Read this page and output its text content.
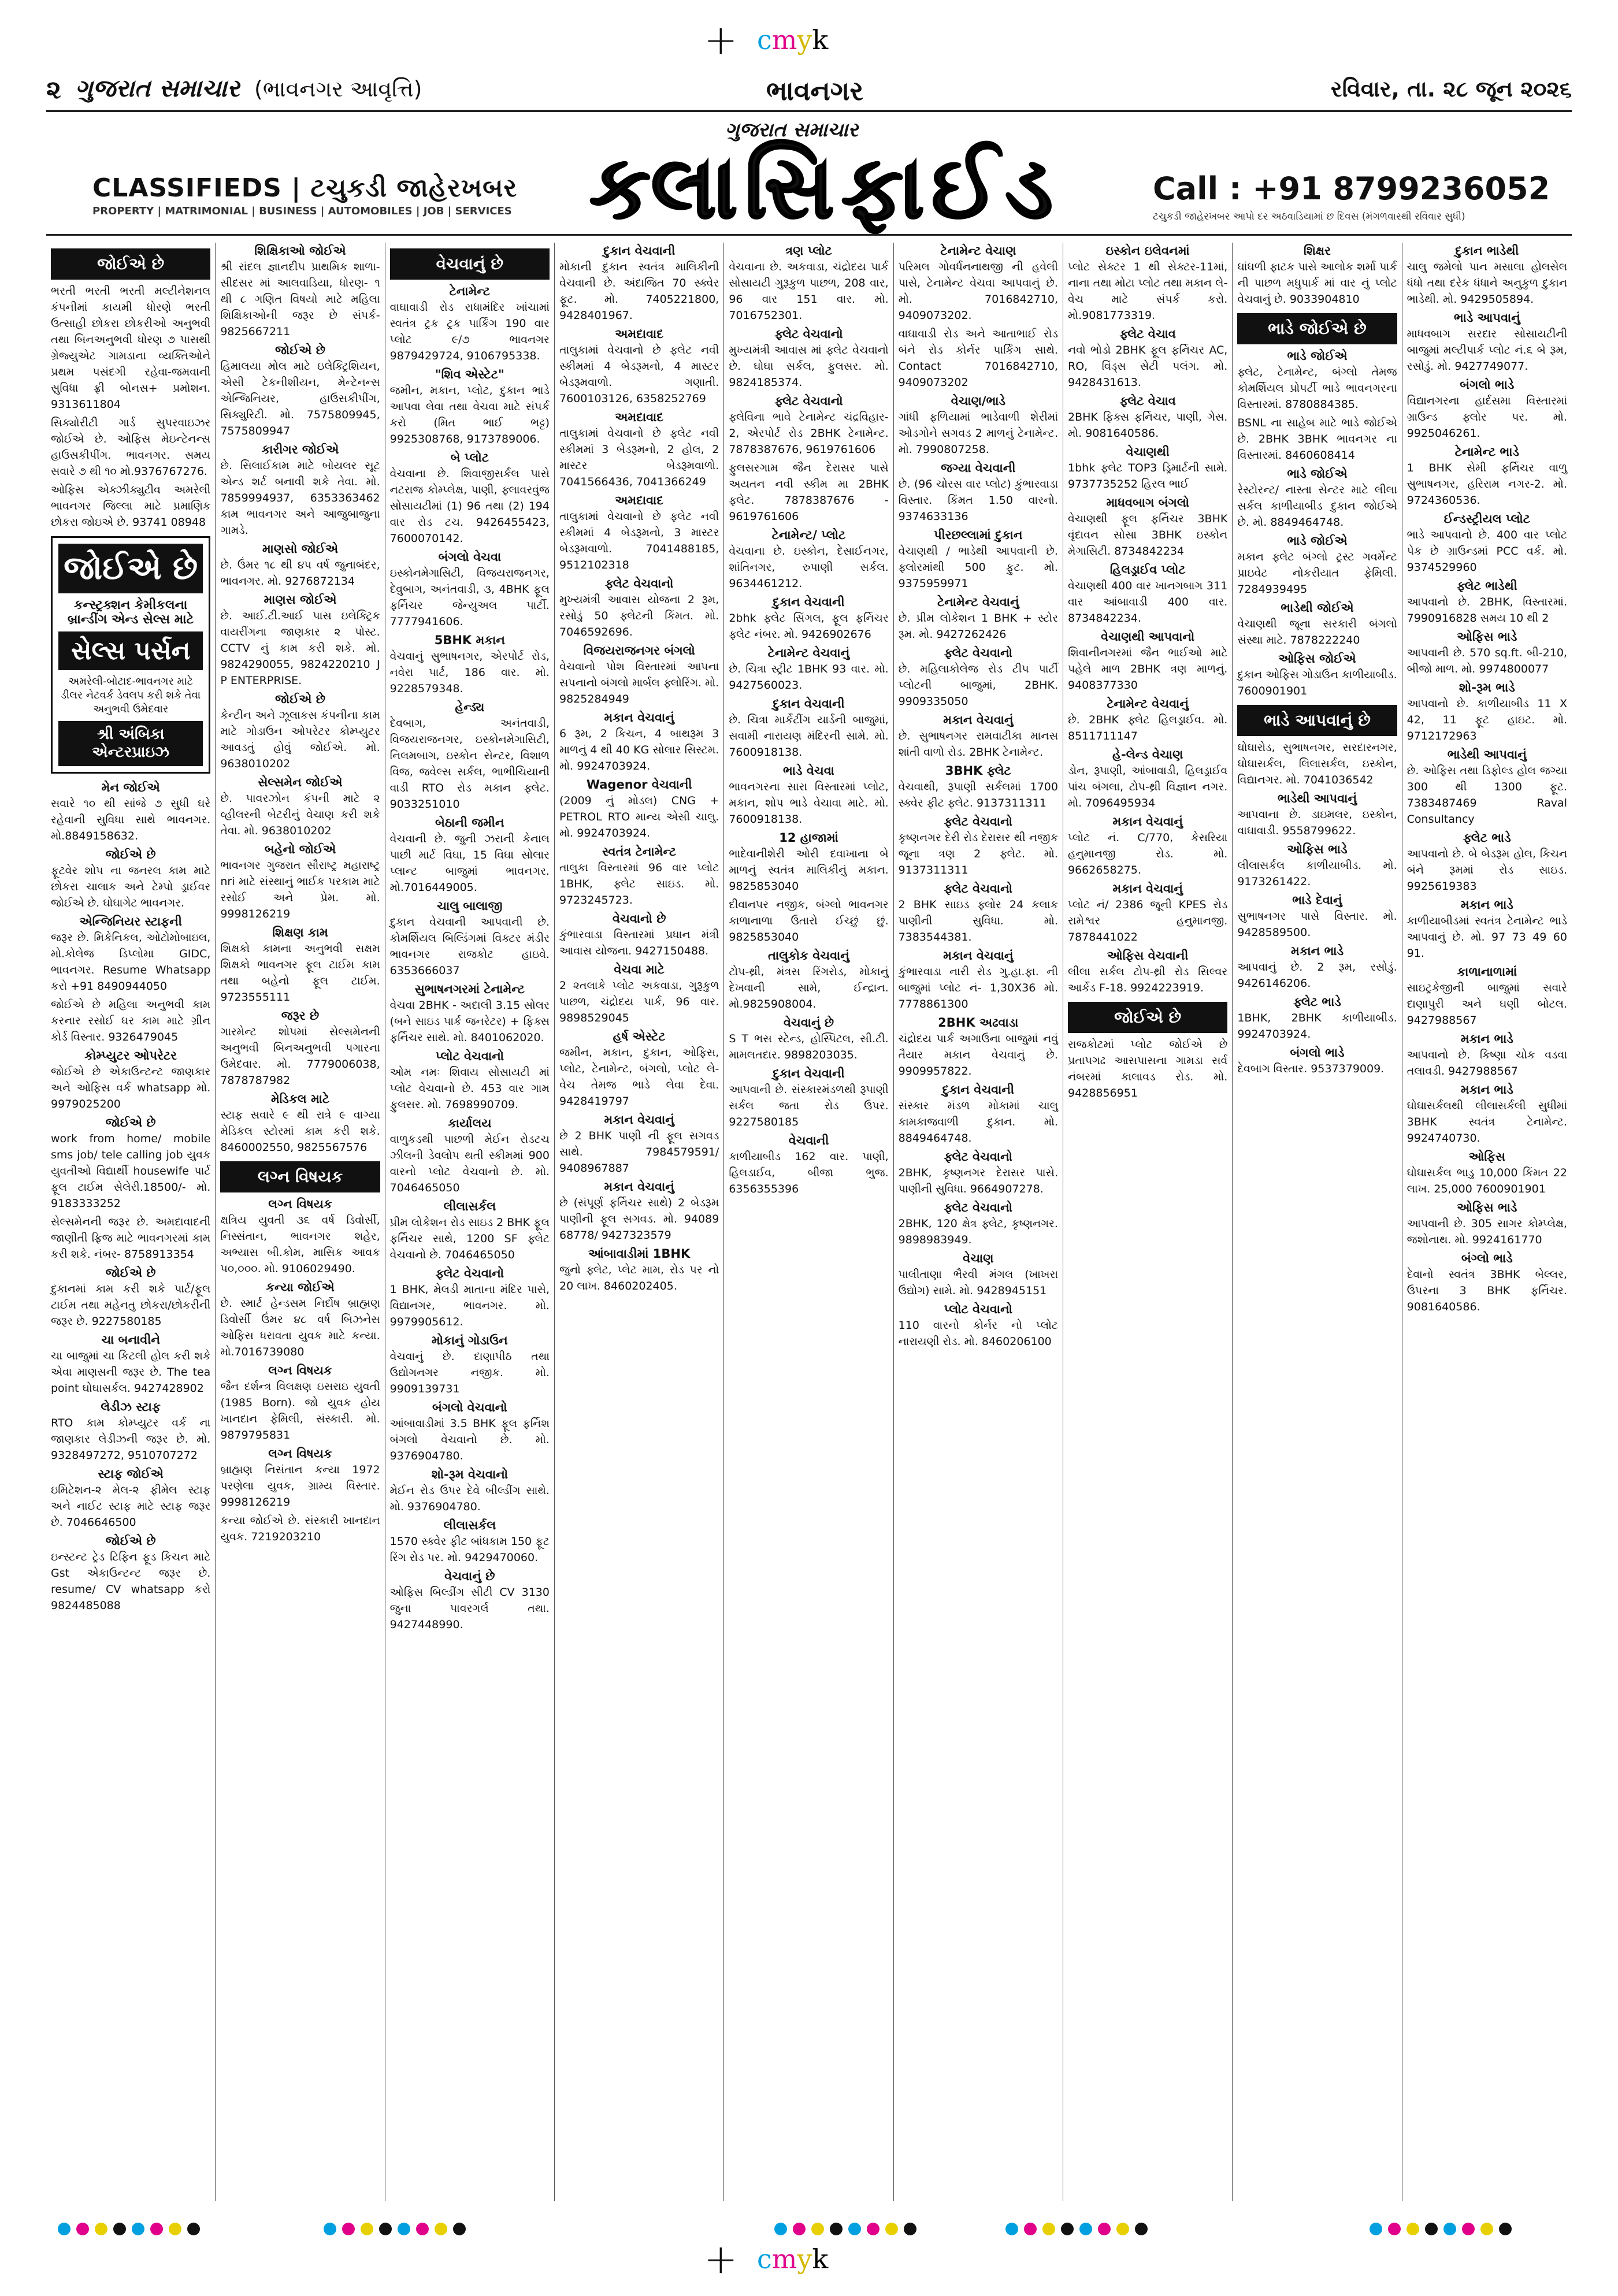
+ cmyk
૨ ગુજરાત સમાચાર (ભાવનગર આવૃત્તિ)	ભાવનગર	રવિવાર, તા. ૨૮ જૂન ૨૦૨૬
CLASSIFIEDS | ટચુકડી જાહેરખબર
PROPERTY | MATRIMONIAL | BUSINESS | AUTOMOBILES | JOB | SERVICES
ગુજરાત સમાચાર
ક્લાસિફાઈડ	Call : +91 8799236052
ટચુકડી જાહેરખબર આપો દર અઠવાડિયામાં છ દિવસ (મંગળવારથી રવિવાર સુધી)
જોઈએ છે
ભરતી ભરતી ભરતી મલ્ટીનેશનલ કંપનીમાં કાયમી ધોરણે ભરતી ઉત્સાહી છોકરા છોકરીઓ અનુભવી તથા બિનઅનુભવી ધોરણ ૭ પાસથી ગ્રેજ્યુએટ ગામડાના વ્યક્તિઓને પ્રથમ પસંદગી રહેવા-જમવાની સુવિધા ફ્રી બોનસ+ પ્રમોશન. 9313611804
સિક્યોરીટી ગાર્ડ સુપરવાઇઝર જોઈએ છે. ઓફિસ મેઇન્ટેનન્સ હાઉસકીપીંગ. ભાવનગર. સમય સવારે ૭ થી ૧૦ મો.9376767276.
ઓફિસ એક્ઝીક્યુટીવ અમરેલી ભાવનગર જિલ્લા માટે પ્રમાણિક છોકરા જોઇએ છે. 93741 08948
જોઈએ છે
કન્સ્ટ્રક્શન કેમીકલના બ્રાન્ડીંગ એન્ડ સેલ્સ માટે
સેલ્સ પર્સન
અમરેલી-બોટાદ-ભાવનગર માટે ડીલર નેટવર્ક ડેવલપ કરી શકે તેવા અનુભવી ઉમેદવાર
શ્રી અંબિકા એન્ટરપ્રાઇઝ
મેન જોઈએ
સવારે ૧૦ થી સાંજે ૭ સુધી ઘરે રહેવાની સુવિધા સાથે ભાવનગર. મો.8849158632.
જોઈએ છે
ફૂટવેર શોપ ના જનરલ કામ માટે છોકરા ચાલાક અને ટેમ્પો ડ્રાઈવર જોઈએ છે. ઘોઘાગેટ ભાવનગર.
એન્જિનિયર સ્ટાફની
જરૂર છે. મિકેનિકલ, ઓટોમોબાઇલ, મો.કોલેજ ડિપ્લોમા GIDC, ભાવનગર. Resume Whatsapp કરો +91 8490944050
જોઈએ છે મહિલા અનુભવી કામ કરનાર રસોઈ ઘર કામ માટે ગ્રીન કોર્ડ વિસ્તાર. 9326479045
કોમ્પ્યુટર ઓપરેટર
જોઈએ છે એકાઉન્ટન્ટ જાણકાર અને ઓફિસ વર્ક whatsapp મો. 9979025200
જોઈએ છે
work from home/ mobile sms job/ tele calling job યુવક યુવતીઓ વિદ્યાર્થી housewife પાર્ટ ફૂલ ટાઈમ સેલેરી.18500/- મો. 9183333252
સેલ્સમેનની જરૂર છે. અમદાવાદની જાણીતી ફ્રિજ માટે ભાવનગરમાં કામ કરી શકે. નંબર- 8758913354
જોઈએ છે
દુકાનમાં કામ કરી શકે પાર્ટ/ફૂલ ટાઈમ તથા મહેનતુ છોકરા/છોકરીની જરૂર છે. 9227580185
ચા બનાવીને
ચા બાજુમાં ચા કિટલી હોલ કરી શકે એવા માણસની જરૂર છે. The tea point ઘોઘાસર્કલ. 9427428902
લેડીઝ સ્ટાફ
RTO કામ કોમ્પ્યુટર વર્ક ના જાણકાર લેડીઝની જરૂર છે. મો. 9328497272, 9510707272
સ્ટાફ જોઈએ
ઇમિટેશન-૨ મેલ-૨ ફીમેલ સ્ટાફ અને નાઈટ સ્ટાફ માટે સ્ટાફ જરૂર છે. 7046646500
જોઈએ છે
ઇન્સ્ટન્ટ ટ્રેડ ટિફિન ફૂડ કિચન માટે Gst એકાઉન્ટન્ટ જરૂર છે. resume/ CV whatsapp કરો 9824485088
શિક્ષિકાઓ જોઈએ
શ્રી રાંદલ જ્ઞાનદીપ પ્રાથમિક શાળા- સીદસર માં આલવાડિયા, ધોરણ- ૧ થી ૮ ગણિત વિષયો માટે મહિલા શિક્ષિકાઓની જરૂર છે સંપર્ક- 9825667211
જોઈએ છે
હિમાલયા મોલ માટે ઇલેક્ટ્રિશિયન, એસી ટેકનીશીયન, મેન્ટેનન્સ એન્જિનિયર, હાઉસકીપીંગ, સિક્યુરિટી. મો. 7575809945, 7575809947
કારીગર જોઈએ
છે. સિલાઈકામ માટે બોયલર સૂટ એન્ડ શર્ટ બનાવી શકે તેવા. મો. 7859994937, 6353363462 કામ ભાવનગર અને આજુબાજુના ગામડે.
માણસો જોઈએ
છે. ઉંમર ૧૮ થી ૪૫ વર્ષ જુનાબંદર, ભાવનગર. મો. 9276872134
માણસ જોઈએ
છે. આઈ.ટી.આઈ પાસ ઇલેક્ટ્રિક વાયરીંગના જાણકાર ૨ પોસ્ટ. CCTV નું કામ કરી શકે. મો. 9824290055, 9824220210 J P ENTERPRISE.
જોઈએ છે
કેન્ટીન અને ઝૂલાકસ કંપનીના કામ માટે ગોડાઉન ઓપરેટર કોમ્પ્યુટર આવડતું હોવું જોઈએ. મો. 9638010202
સેલ્સમેન જોઈએ
છે. પાવરઝોન કંપની માટે ૨ વ્હીલરની બેટરીનું વેચાણ કરી શકે તેવા. મો. 9638010202
બહેનો જોઈએ
ભાવનગર ગુજરાત સૌરાષ્ટ્ર મહારાષ્ટ્ર nri માટે સંસ્થાનું ભાઈક પરકામ માટે રસોઈ અને પ્રેમ. મો. 9998126219
શિક્ષણ કામ
શિક્ષકો કામના અનુભવી સક્ષમ શિક્ષકો ભાવનગર ફૂલ ટાઈમ કામ તથા બહેનો ફૂલ ટાઈમ. 9723555111
જરૂર છે
ગારમેન્ટ શોપમાં સેલ્સમેનની અનુભવી બિનઅનુભવી પગારના ઉમેદવાર. મો. 7779006038, 7878787982
મેડિકલ માટે
સ્ટાફ સવારે ૯ થી રાત્રે ૯ વાગ્યા મેડિકલ સ્ટોરમાં કામ કરી શકે. 8460002550, 9825567576
લગ્ન વિષયક
લગ્ન વિષયક
ક્ષત્રિય યુવતી ૩૬ વર્ષ ડિવોર્સી, નિસ્સંતાન, ભાવનગર શહેર, અભ્યાસ બી.કોમ, માસિક આવક ૫૦,૦૦૦. મો. 9106029490.
કન્યા જોઈએ
છે. સ્માર્ટ હેન્ડસમ નિર્દોષ બ્રાહ્મણ ડિવોર્સી ઉંમર ૪૮ વર્ષ બિઝનેસ ઓફિસ ધરાવતા યુવક માટે કન્યા. મો.7016739080
લગ્ન વિષયક
જૈન દર્શન્ત્ર વિલક્ષણ ઇસરાઇ યુવતી (1985 Born). જો યુવક હોય ખાનદાન ફેમિલી, સંસ્કારી. મો. 9879795831
લગ્ન વિષયક
બ્રાહ્મણ નિસંતાન કન્યા 1972 પરણેલા યુવક, ગ્રામ્ય વિસ્તાર. 9998126219
કન્યા જોઈએ છે. સંસ્કારી ખાનદાન યુવક. 7219203210
વેચવાનું છે
ટેનામેન્ટ
વાઘાવાડી રોડ રાધામંદિર ખાંચામાં સ્વતંત્ર ટ્રક ટ્રક પાર્કિંગ 190 વાર પ્લોટ ૯/૭ ભાવનગર 9879429724, 9106795338.
"શિવ એસ્ટેટ"
જમીન, મકાન, પ્લોટ, દુકાન ભાડે આપવા લેવા તથા વેચવા માટે સંપર્ક કરો (મિત ભાઈ ભટ્ટ) 9925308768, 9173789006.
બે પ્લોટ
વેચવાના છે. શિવાજીસર્કલ પાસે નટરાજ કોમ્પ્લેક્ષ, પાણી, ફ્લાવરવુંજ સોસાયટીમાં (1) 96 તથા (2) 194 વાર રોડ ટચ. 9426455423, 7600070142.
બંગલો વેચવા
ઇસ્કોનમેગાસિટી, વિજયરાજનગર, દેવુબાગ, અનંતવાડી, ૩, 4BHK ફૂલ ફર્નિચર જેન્યુઅલ પાર્ટી. 7777941606.
5BHK મકાન
વેચવાનું સુભાષનગર, એરપોર્ટ રોડ, નવેરા પાર્ટ, 186 વાર. મો. 9228579348.
હેન્ડ્ય
દેવબાગ, અનંતવાડી, વિજયરાજનગર, ઇસ્કોનમેગાસિટી, નિલમબાગ, ઇસ્કોન સેન્ટર, વિશાળ વિજ, જવેલ્સ સર્કલ, ભાભીચિયાની વાડી RTO રોડ મકાન ફ્લેટ. 9033251010
બેઠાની જમીન
વેચવાની છે. જુની ઝરાની કેનાલ પાછી માર્ટ વિઘા, 15 વિઘા સોલાર પ્લાન્ટ બાજુમાં ભાવનગર. મો.7016449005.
ચાલુ બાલાજી
દુકાન વેચવાની આપવાની છે. કોમર્શિયલ બિલ્ડિંગમાં વિક્ટર મંડીર ભાવનગર રાજકોટ હાઇવે. 6353666037
સુભાષનગરમાં ટેનામેન્ટ
વેચવા 2BHK - અદાલી 3.15 સોલર (બને સાઇડ પાર્ક જનરેટર) + ફિક્સ ફર્નિચર સાથે. મો. 8401062020.
પ્લોટ વેચવાનો
ઓમ નમઃ શિવાય સોસાયટી માં પ્લોટ વેચવાનો છે. 453 વાર ગામ ફુલસર. મો. 7698990709.
કાર્યાલય
વાળુકડથી પાછળી મેઈન રોડટચ ઝીલની ડેવલોપ થતી સ્કીમમાં 900 વારનો પ્લોટ વેચવાનો છે. મો. 7046465050
લીલાસર્કલ
પ્રીમ લોકેશન રોડ સાઇડ 2 BHK ફૂલ ફર્નિચર સાથે, 1200 SF ફ્લેટ વેચવાનો છે. 7046465050
ફ્લેટ વેચવાનો
1 BHK, મેલડી માતાના મંદિર પાસે, વિદ્યાનગર, ભાવનગર. મો. 9979905612.
મોકાનું ગોડાઉન
વેચવાનું છે. દાણાપીઠ તથા ઉદ્યોગનગર નજીક. મો. 9909139731
બંગલો વેચવાનો
આંબાવાડીમાં 3.5 BHK ફૂલ ફર્નિશ બંગલો વેચવાનો છે. મો. 9376904780.
શો-રૂમ વેચવાનો
મેઈન રોડ ઉપર દેવે બીલ્ડીંગ સાથે. મો. 9376904780.
લીલાસર્કલ
1570 સ્ક્વેર ફીટ બાંધકામ 150 ફૂટ રિંગ રોડ પર. મો. 9429470060.
વેચવાનું છે
ઓફિસ બિલ્ડીંગ સીટી CV 3130 જુના પાવરગર્લ તથા. 9427448990.
દુકાન વેચવાની
મોકાની દુકાન સ્વતંત્ર માલિકીની વેચવાની છે. અંદાજિત 70 સ્ક્વેર ફૂટ. મો. 7405221800, 9428401967.
અમદાવાદ
તાલુકામાં વેચવાનો છે ફ્લેટ નવી સ્કીમમાં 4 બેડરૂમનો, 4 માસ્ટર બેડરૂમવાળો. ગણાતી. 7600103126, 6358252769
અમદાવાદ
તાલુકામાં વેચવાનો છે ફ્લેટ નવી સ્કીમમાં 3 બેડરૂમનો, 2 હોલ, 2 માસ્ટર બેડરૂમવાળો. 7041566436, 7041366249
અમદાવાદ
તાલુકામાં વેચવાનો છે ફ્લેટ નવી સ્કીમમાં 4 બેડરૂમનો, 3 માસ્ટર બેડરૂમવાળો. 7041488185, 9512102318
ફ્લેટ વેચવાનો
મુખ્યમંત્રી આવાસ યોજના 2 રૂમ, રસોડું 50 ફ્લેટની કિંમત. મો. 7046592696.
વિજયરાજનગર બંગલો
વેચવાનો પોશ વિસ્તારમાં આપના સપનાનો બંગલો માર્બલ ફ્લોરિંગ. મો. 9825284949
મકાન વેચવાનું
6 રૂમ, 2 કિચન, 4 બાથરૂમ 3 માળનું 4 થી 40 KG સોલાર સિસ્ટમ. મો. 9924703924.
Wagenor વેચવાની
(2009 નું મોડલ) CNG + PETROL RTO માન્ય એસી ચાલુ. મો. 9924703924.
સ્વતંત્ર ટેનામેન્ટ
તાલુકા વિસ્તારમાં 96 વાર પ્લોટ 1BHK, ફ્લેટ સાઇડ. મો. 9723245723.
વેચવાનો છે
કુંભારવાડા વિસ્તારમાં પ્રધાન મંત્રી આવાસ યોજના. 9427150488.
વેચવા માટે
2 ૨તલાકે પ્લોટ અકવાડા, ગુરૂકુળ પાછળ, ચંદ્રોદય પાર્ક, 96 વાર. 9898529045
હર્ષ એસ્ટેટ
જમીન, મકાન, દુકાન, ઓફિસ, પ્લોટ, ટેનામેન્ટ, બંગલો, પ્લોટ લે-વેચ તેમજ ભાડે લેવા દેવા. 9428419797
મકાન વેચવાનું
છે 2 BHK પાણી ની ફૂલ સગવડ સાથે. 7984579591/ 9408967887
મકાન વેચવાનું
છે (સંપૂર્ણ ફર્નિચર સાથે) 2 બેડરૂમ પાણીની ફૂલ સગવડ. મો. 94089 68778/ 9427323579
આંબાવાડીમાં 1BHK
જુનો ફ્લેટ, પ્લેટ મામ, રોડ પર નો 20 લાખ. 8460202405.
ત્રણ પ્લોટ
વેચવાના છે. અકવાડા, ચંદ્રોદય પાર્ક સોસાયટી ગુરૂકુળ પાછળ, 208 વાર, 96 વાર 151 વાર. મો. 7016752301.
ફ્લેટ વેચવાનો
મુખ્યમંત્રી આવાસ માં ફ્લેટ વેચવાનો છે. ઘોઘા સર્કલ, ફુલસર. મો. 9824185374.
ફ્લેટ વેચવાનો
ફ્લેવિના ભાવે ટેનામેન્ટ ચંદ્રવિહાર- 2, એરપોર્ટ રોડ 2BHK ટેનામેન્ટ. 7878387676, 9619761606
ફુલસરગામ જૈન દેરાસર પાસે અયતન નવી સ્કીમ મા 2BHK ફ્લેટ. 7878387676 - 9619761606
ટેનામેન્ટ/ પ્લોટ
વેચવાના છે. ઇસ્કોન, દેસાઈનગર, શાંતિનગર, રુપાણી સર્કલ. 9634461212.
દુકાન વેચવાની
2bhk ફ્લેટ સિંગલ, ફૂલ ફર્નિચર ફ્લેટ નંબર. મો. 9426902676
ટેનામેન્ટ વેચવાનું
છે. ચિત્રા સ્ટ્રીટ 1BHK 93 વાર. મો. 9427560023.
દુકાન વેચવાની
છે. ચિત્રા માર્કેટીંગ યાર્ડની બાજુમાં, સવામી નારાયણ મંદિરની સામે. મો. 7600918138.
ભાડે વેચવા
ભાવનગરના સારા વિસ્તારમાં પ્લોટ, મકાન, શોપ ભાડે વેચાવા માટે. મો. 7600918138.
12 હાજામાં
ભાદેવાનીશેરી ઓરી દવાખાના બે માળનું સ્વતંત્ર માલિકીનું મકાન. 9825853040
દીવાનપર નજીક, બંગ્લો ભાવનગર કાળાનાળા ઉતારો ઈચ્છું છું. 9825853040
તાલુકોક વેચવાનું
ટોપ-થ્રી, મંત્રસ રિંગરોડ, મોકાનું દેખવાની સામે, ઈન્દ્રાન. મો.9825908004.
વેચવાનું છે
S T ભસ સ્ટેન્ડ, હોસ્પિટલ, સી.ટી. મામલતદાર. 9898203035.
દુકાન વેચવાની
આપવાની છે. સંસ્કારમંડળથી રૂપાણી સર્કલ જતા રોડ ઉપર. 9227580185
વેચવાની
કાળીયાબીડ 162 વાર. પાણી, હિલડાઈવ, બીજા ભુજ. 6356355396
ટેનામેન્ટ વેચાણ
પરિમલ ગોવર્ધનનાથજી ની હવેલી પાસે, ટેનામેન્ટ વેચવા આપવાનું છે. મો. 7016842710, 9409073202.
વાઘાવાડી રોડ અને આતાભાઈ રોડ બંને રોડ કોર્નર પાર્કિંગ સાથે. Contact 7016842710, 9409073202
વેચાણ/ભાડે
ગાંધી ફળિયામાં ભાડેવાળી શેરીમાં ઓડગોને સગવડ 2 માળનું ટેનામેન્ટ. મો. 7990807258.
જગ્યા વેચવાની
છે. (96 ચોરસ વાર પ્લોટ) કુંભારવાડા વિસ્તાર. કિંમત 1.50 વારનો. 9374633136
પીરછલ્લામાં દુકાન
વેચાણથી / ભાડેથી આપવાની છે. ફ્લોરમાંથી 500 ફુટ. મો. 9375959971
ટેનામેન્ટ વેચવાનું
છે. પ્રીમ લોકેશન 1 BHK + સ્ટોર રૂમ. મો. 9427262426
ફ્લેટ વેચવાનો
છે. મહિલાકોલેજ રોડ ટીપ પાર્ટી પ્લોટની બાજુમાં, 2BHK. 9909335050
મકાન વેચવાનું
છે. સુભાષનગર રામવાટીકા માનસ શાંતી વાળો રોડ. 2BHK ટેનામેન્ટ.
3BHK ફ્લેટ
વેચવાથી, રૂપાણી સર્કલમાં 1700 સ્ક્વેર ફીટ ફ્લેટ. 9137311311
ફ્લેટ વેચવાનો
કૃષ્ણનગર દેરી રોડ દેરાસર થી નજીક જૂના ત્રણ 2 ફ્લેટ. મો. 9137311311
ફ્લેટ વેચવાનો
2 BHK સાઇડ ફ્લોર 24 કલાક પાણીની સુવિધા. મો. 7383544381.
મકાન વેચવાનું
કુંભારવાડા નારી રોડ ગુ.હા.ફા. ની બાજુમાં પ્લોટ નં- 1,30X36 મો. 7778861300
2BHK અઢવાડા
ચંદ્રોદય પાર્ક અગાઉના બાજુમાં નવું તૈયાર મકાન વેચવાનું છે. 9909957822.
દુકાન વેચવાની
સંસ્કાર મંડળ મોકામાં ચાલુ કામકાજવાળી દુકાન. મો. 8849464748.
ફ્લેટ વેચવાનો
2BHK, કૃષ્ણનગર દેરાસર પાસે. પાણીની સુવિધા. 9664907278.
ફ્લેટ વેચવાનો
2BHK, 120 ક્ષેત્ર ફ્લેટ, કૃષ્ણનગર. 9898983949.
વેચાણ
પાલીતાણા ભૈરવી મંગલ (ખાખરા ઉદ્યોગ) સામે. મો. 9428945151
પ્લોટ વેચવાનો
110 વારનો કોર્નર નો પ્લોટ નારાયણી રોડ. મો. 8460206100
ઇસ્કોન ઇલેવનમાં
પ્લોટ સેક્ટર 1 થી સેક્ટર-11માં, નાના તથા મોટા પ્લોટ તથા મકાન લે-વેચ માટે સંપર્ક કરો. મો.9081773319.
ફ્લેટ વેચાવ
નવો ભોડો 2BHK ફૂલ ફર્નિચર AC, RO, વિંડ્સ સેટી પલંગ. મો. 9428431613.
ફ્લેટ વેચાવ
2BHK ફિક્સ ફર્નિચર, પાણી, ગેસ. મો. 9081640586.
વેચાણથી
1bhk ફ્લેટ TOP3 ડ્રિમાર્ટની સામે. 9737735252 હિરલ ભાઈ
માધવબાગ બંગલો
વેચાણથી ફૂલ ફર્નિચર 3BHK વૃંદાવન સોસા 3BHK ઇસ્કોન મેગાસિટી. 8734842234
હિલડ્રાઈવ પ્લોટ
વેચાણથી 400 વાર ખાનગબાગ 311 વાર આંબાવાડી 400 વાર. 8734842234.
વેચાણથી આપવાનો
શિવાનીનગરમાં જૈન ભાઈઓ માટે પહેલે માળ 2BHK ત્રણ માળનું. 9408377330
ટેનામેન્ટ વેચવાનું
છે. 2BHK ફ્લેટ હિલડ્રાઈવ. મો. 8511711147
હે-લેન્ડ વેચાણ
ડોન, રૂપાણી, આંબાવાડી, હિલડ્રાઈવ પાંચ બંગલા, ટોપ-થ્રી વિજ્ઞાન નગર. મો. 7096495934
મકાન વેચવાનું
પ્લોટ નં. C/770, કેસરિયા હનુમાનજી રોડ. મો. 9662658275.
મકાન વેચવાનું
પ્લોટ નં/ 2386 જૂની KPES રોડ રામેશ્વર હનુમાનજી. 7878441022
ઓફિસ વેચવાની
લીલા સર્કલ ટોપ-થ્રી રોડ સિલ્વર આર્કેડ F-18. 9924223919.
જોઈએ છે
રાજકોટમાં પ્લોટ જોઈએ છે પ્રતાપગઢ આસપાસના ગામડા સર્વ નંબરમાં કાલાવડ રોડ. મો. 9428856951
શિક્ષર
ઘાંઘળી ફાટક પાસે આલોક શર્મા પાર્ક ની પાછળ મધુપાર્ક માં વાર નું પ્લોટ વેચવાનું છે. 9033904810
ભાડે જોઈએ છે
ભાડે જોઈએ
ફ્લેટ, ટેનામેન્ટ, બંગ્લો તેમજ કોમર્શિયલ પ્રોપર્ટી ભાડે ભાવનગરના વિસ્તારમાં. 8780884385.
BSNL ના સાહેબ માટે ભાડે જોઈએ છે. 2BHK 3BHK ભાવનગર ના વિસ્તારમાં. 8460608414
ભાડે જોઈએ
રેસ્ટોરન્ટ/ નાસ્તા સેન્ટર માટે લીલા સર્કલ કાળીયાબીડ દુકાન જોઈએ છે. મો. 8849464748.
ભાડે જોઈએ
મકાન ફ્લેટ બંગ્લો ટ્રસ્ટ ગવર્મેન્ટ પ્રાઇવેટ નોકરીયાત ફેમિલી. 7284939495
ભાડેથી જોઈએ
વેચાણથી જૂના સરકારી બંગલો સંસ્થા માટે. 7878222240
ઓફિસ જોઈએ
દુકાન ઓફિસ ગોડાઉન કાળીયાબીડ. 7600901901
ભાડે આપવાનું છે
ઘોઘારોડ, સુભાષનગર, સરદારનગર, ઘોઘાસર્કલ, લિલાસર્કલ, ઇસ્કોન, વિદ્યાનગર. મો. 7041036542
ભાડેથી આપવાનું
આપવાના છે. ડાઇમલર, ઇસ્કોન, વાઘાવાડી. 9558799622.
ઓફિસ ભાડે
લીલાસર્કલ કાળીયાબીડ. મો. 9173261422.
ભાડે દેવાનું
સુભાષનગર પાસે વિસ્તાર. મો. 9428589500.
મકાન ભાડે
આપવાનું છે. 2 રૂમ, રસોડું. 9426146206.
ફ્લેટ ભાડે
1BHK, 2BHK કાળીયાબીડ. 9924703924.
બંગલો ભાડે
દેવબાગ વિસ્તાર. 9537379009.
દુકાન ભાડેથી
ચાલુ જમેલો પાન મસાલા હોલસેલ ધંધો તથા દરેક ધંધાને અનુકુળ દુકાન ભાડેથી. મો. 9429505894.
ભાડે આપવાનું
માધવબાગ સરદાર સોસાયટીની બાજુમાં મલ્ટીપાર્ક પ્લોટ નં.૬ બે રૂમ, રસોડું. મો. 9427749077.
બંગલો ભાડે
વિદ્યાનગરના હાર્દસમા વિસ્તારમાં ગ્રાઉન્ડ ફ્લોર પર. મો. 9925046261.
ટેનામેન્ટ ભાડે
1 BHK સેમી ફર્નિચર વાળુ સુભાષનગર, હરિરામ નગર-2. મો. 9724360536.
ઈન્ડસ્ટ્રીયલ પ્લોટ
ભાડે આપવાનો છે. 400 વાર પ્લોટ પેક છે ગ્રાઉન્ડમાં PCC વર્ક. મો. 9374529960
ફ્લેટ ભાડેથી
આપવાનો છે. 2BHK, વિસ્તારમાં. 7990916828 સમય 10 થી 2
ઓફિસ ભાડે
આપવાની છે. 570 sq.ft. બી-210, બીજો માળ. મો. 9974800077
શો-રૂમ ભાડે
આપવાનો છે. કાળીયાબીડ 11 X 42, 11 ફૂટ હાઇટ. મો. 9712172963
ભાડેથી આપવાનું
છે. ઓફિસ તથા ડિફોલ્ડ હોલ જગ્યા 300 થી 1300 ફૂટ. 7383487469 Raval Consultancy
ફ્લેટ ભાડે
આપવાનો છે. બે બેડરૂમ હોલ, કિચન બંને રૂમમાં રોડ સાઇડ. 9925619383
મકાન ભાડે
કાળીયાબીડમાં સ્વતંત્ર ટેનામેન્ટ ભાડે આપવાનું છે. મો. 97 73 49 60 91.
કાળાનાળામાં
સાઇટ્રકેજીની બાજુમાં સવારે દાણાપુરી અને ઘણી બોટલ. 9427988567
મકાન ભાડે
આપવાનો છે. કિષ્ણા ચોક વડવા તલાવડી. 9427988567
મકાન ભાડે
ઘોઘાસર્કલથી લીલાસર્કલી સુધીમાં 3BHK સ્વતંત્ર ટેનામેન્ટ. 9924740730.
ઓફિસ
ઘોઘાસર્કલ ભાડુ 10,000 કિંમત 22 લાખ. 25,000 7600901901
ઓફિસ ભાડે
આપવાની છે. 305 સાગર કોમ્પ્લેક્ષ, જશોનાથ. મો. 9924161770
બંગ્લો ભાડે
દેવાનો સ્વતંત્ર 3BHK બેલ્લર, ઉપરના 3 BHK ફર્નિચર. 9081640586.
+ cmyk
